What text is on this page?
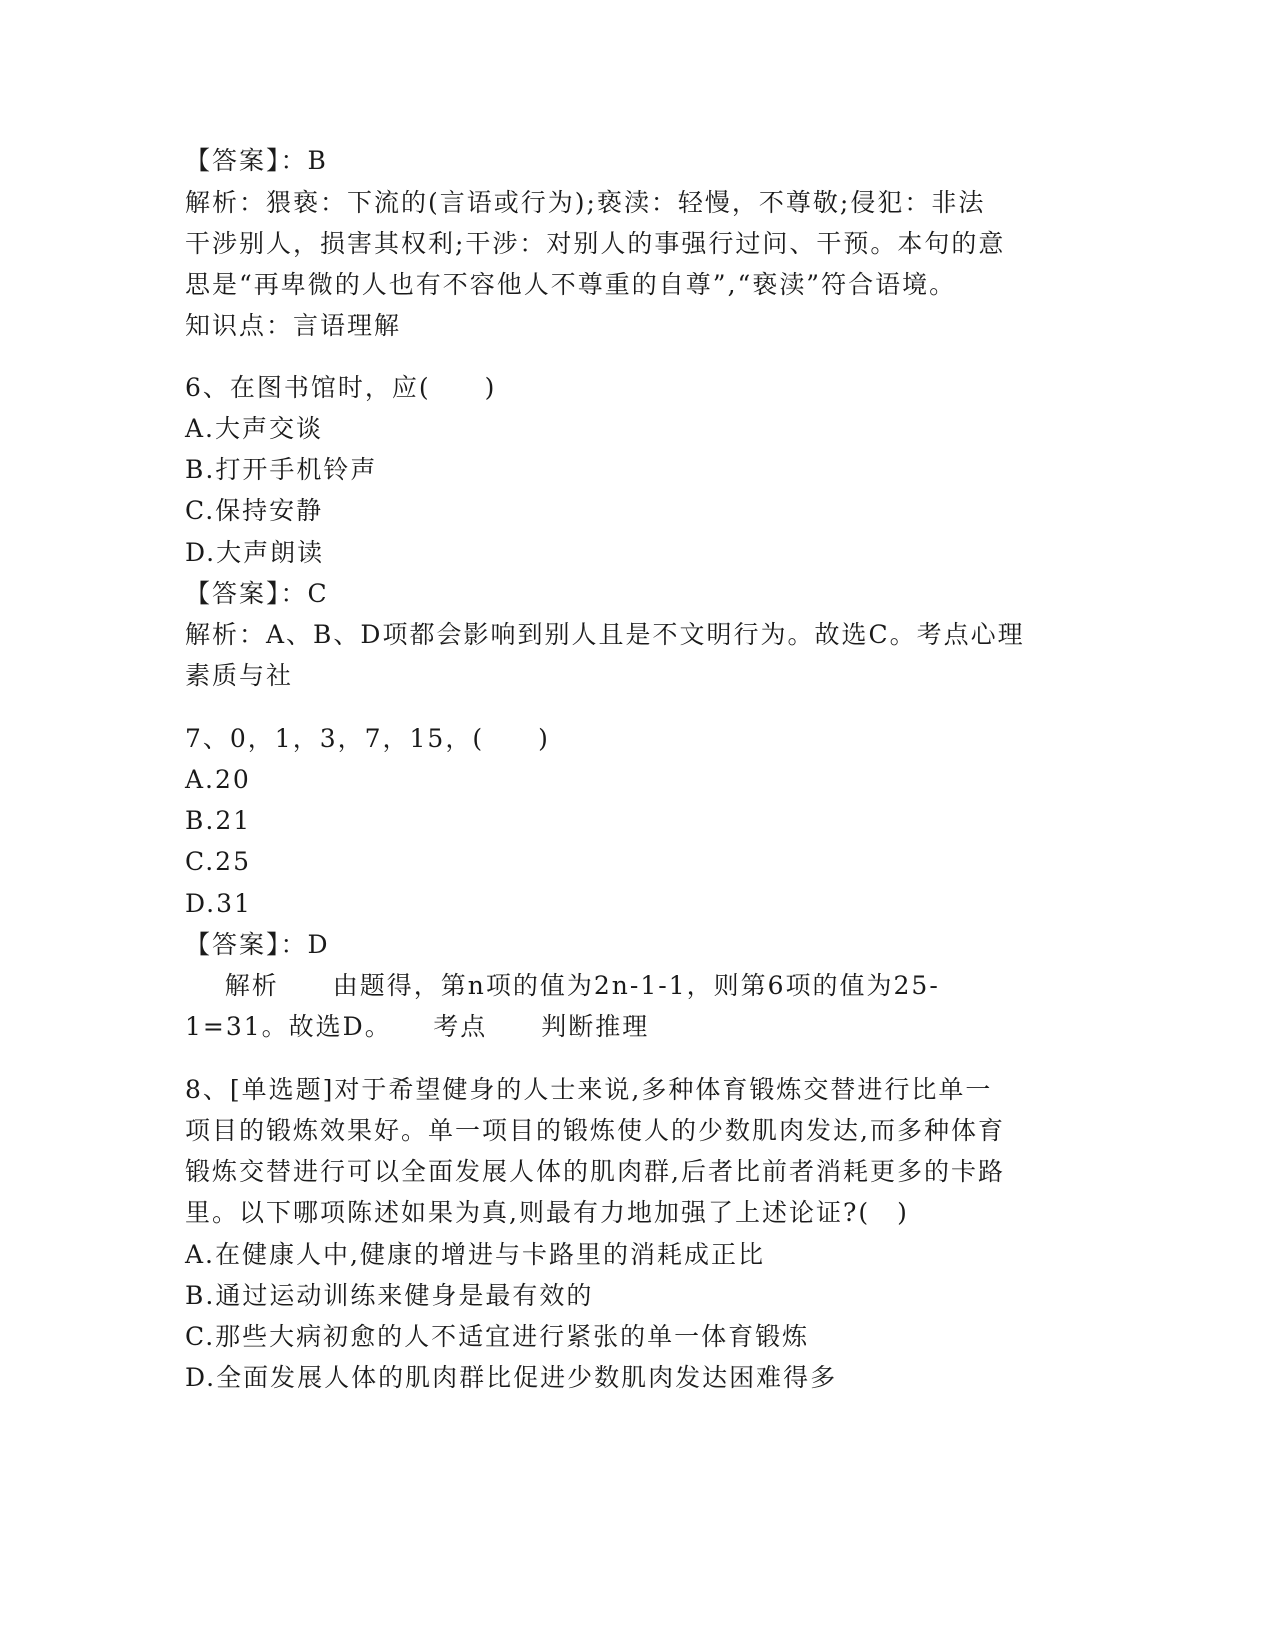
【答案】：B

解析：猥亵：下流的(言语或行为);亵渎：轻慢，不尊敬;侵犯：非法

干涉别人，损害其权利;干涉：对别人的事强行过问、干预。本句的意

思是“再卑微的人也有不容他人不尊重的自尊”,“亵渎”符合语境。

知识点：言语理解

6、在图书馆时，应(　　)

A.大声交谈

B.打开手机铃声

C.保持安静

D.大声朗读

【答案】：C

解析：A、B、D项都会影响到别人且是不文明行为。故选C。考点心理

素质与社

7、0，1，3，7，15，(　　)

A.20

B.21

C.25

D.31

【答案】：D

解析　　由题得，第n项的值为2n-1-1，则第6项的值为25-

1=31。故选D。　　考点　　判断推理

8、[单选题]对于希望健身的人士来说,多种体育锻炼交替进行比单一

项目的锻炼效果好。单一项目的锻炼使人的少数肌肉发达,而多种体育

锻炼交替进行可以全面发展人体的肌肉群,后者比前者消耗更多的卡路

里。以下哪项陈述如果为真,则最有力地加强了上述论证?(　)

A.在健康人中,健康的增进与卡路里的消耗成正比

B.通过运动训练来健身是最有效的

C.那些大病初愈的人不适宜进行紧张的单一体育锻炼

D.全面发展人体的肌肉群比促进少数肌肉发达困难得多
